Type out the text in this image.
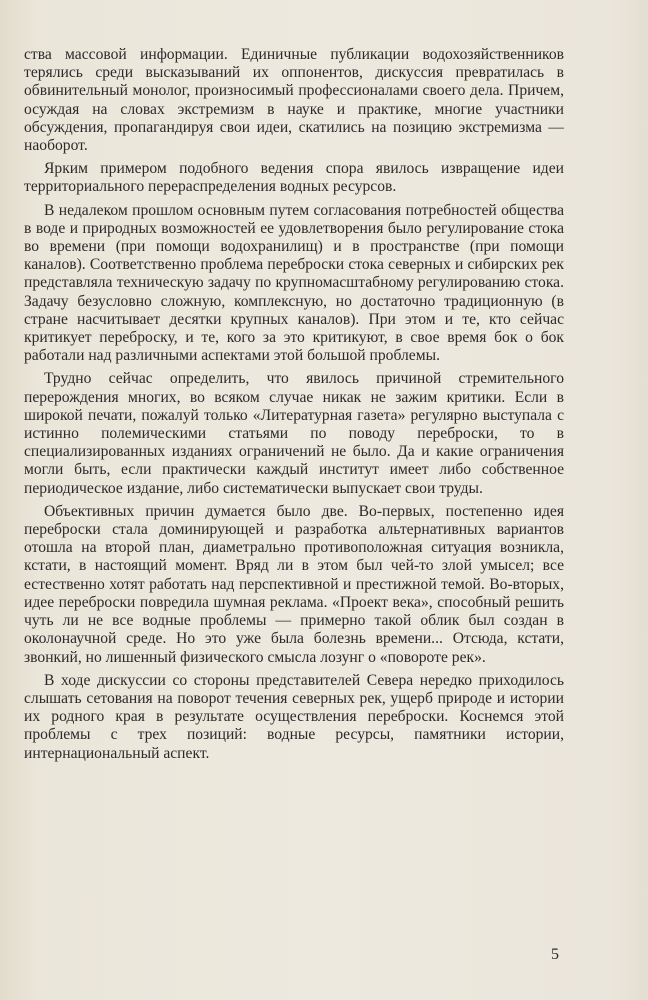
ства массовой информации. Единичные публикации водохозяйственников терялись среди высказываний их оппонентов, дискуссия превратилась в обвинительный монолог, произносимый профессионалами своего дела. Причем, осуждая на словах экстремизм в науке и практике, многие участники обсуждения, пропагандируя свои идеи, скатились на позицию экстремизма — наоборот.

Ярким примером подобного ведения спора явилось извращение идеи территориального перераспределения водных ресурсов.

В недалеком прошлом основным путем согласования потребностей общества в воде и природных возможностей ее удовлетворения было регулирование стока во времени (при помощи водохранилищ) и в пространстве (при помощи каналов). Соответственно проблема переброски стока северных и сибирских рек представляла техническую задачу по крупномасштабному регулированию стока. Задачу безусловно сложную, комплексную, но достаточно традиционную (в стране насчитывает десятки крупных каналов). При этом и те, кто сейчас критикует переброску, и те, кого за это критикуют, в свое время бок о бок работали над различными аспектами этой большой проблемы.

Трудно сейчас определить, что явилось причиной стремительного перерождения многих, во всяком случае никак не зажим критики. Если в широкой печати, пожалуй только «Литературная газета» регулярно выступала с истинно полемическими статьями по поводу переброски, то в специализированных изданиях ограничений не было. Да и какие ограничения могли быть, если практически каждый институт имеет либо собственное периодическое издание, либо систематически выпускает свои труды.

Объективных причин думается было две. Во-первых, постепенно идея переброски стала доминирующей и разработка альтернативных вариантов отошла на второй план, диаметрально противоположная ситуация возникла, кстати, в настоящий момент. Вряд ли в этом был чей-то злой умысел; все естественно хотят работать над перспективной и престижной темой. Во-вторых, идее переброски повредила шумная реклама. «Проект века», способный решить чуть ли не все водные проблемы — примерно такой облик был создан в околонаучной среде. Но это уже была болезнь времени... Отсюда, кстати, звонкий, но лишенный физического смысла лозунг о «повороте рек».

В ходе дискуссии со стороны представителей Севера нередко приходилось слышать сетования на поворот течения северных рек, ущерб природе и истории их родного края в результате осуществления переброски. Коснемся этой проблемы с трех позиций: водные ресурсы, памятники истории, интернациональный аспект.

5
